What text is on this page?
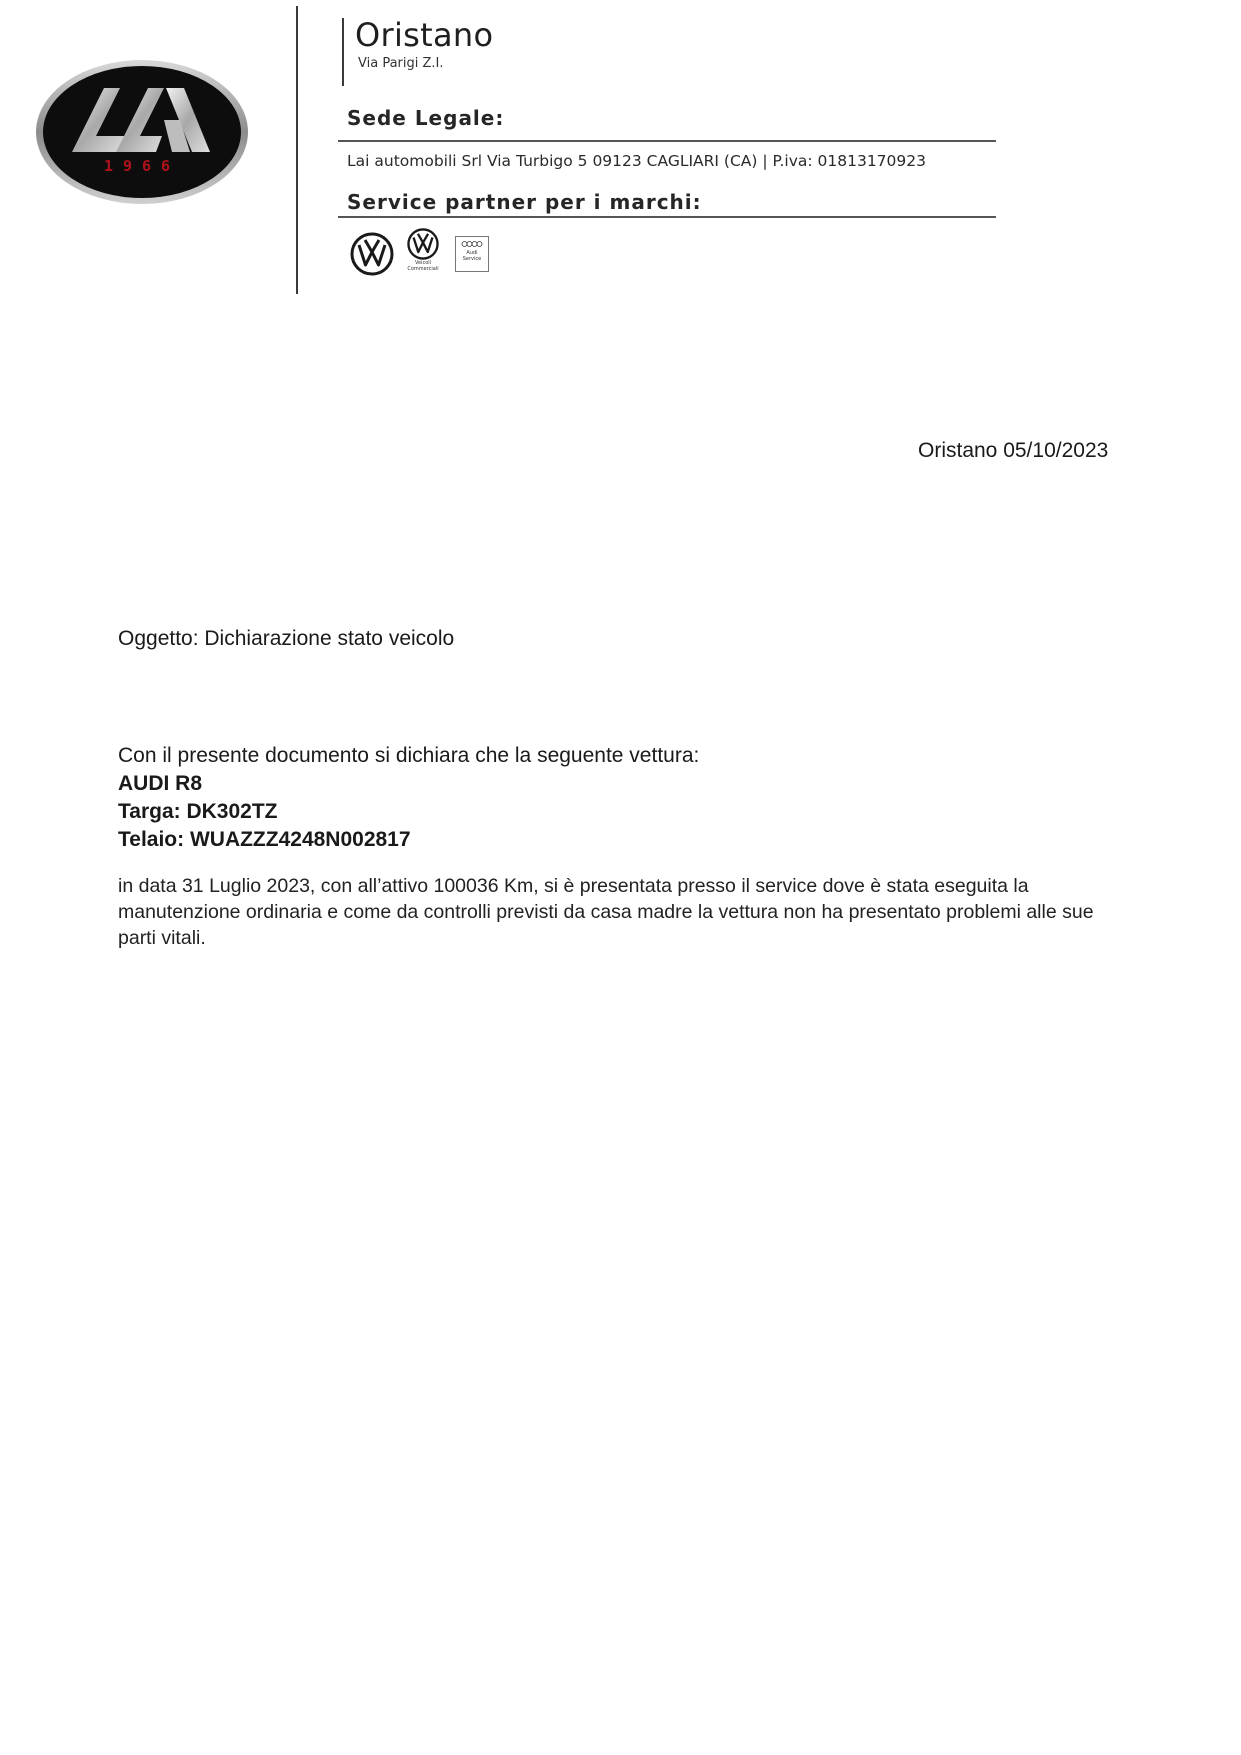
1966
Oristano
Via Parigi Z.I.
Sede Legale:
Lai automobili Srl Via Turbigo 5 09123 CAGLIARI (CA) | P.iva: 01813170923
Service partner per i marchi:
Veicoli
Commerciali
Audi
Service
Oristano 05/10/2023
Oggetto: Dichiarazione stato veicolo
Con il presente documento si dichiara che la seguente vettura:
AUDI R8
Targa: DK302TZ
Telaio: WUAZZZ4248N002817
in data 31 Luglio 2023, con all’attivo 100036 Km, si è presentata presso il service dove è stata eseguita la manutenzione ordinaria e come da controlli previsti da casa madre la vettura non ha presentato problemi alle sue parti vitali.
